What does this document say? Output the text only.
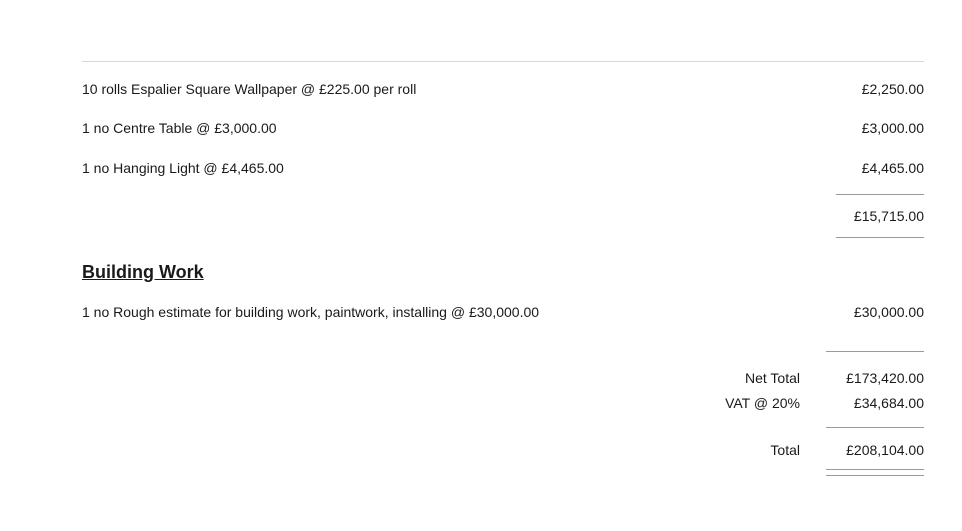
10 rolls Espalier Square Wallpaper @ £225.00 per roll	£2,250.00
1 no Centre Table @ £3,000.00	£3,000.00
1 no Hanging Light @ £4,465.00	£4,465.00
£15,715.00
Building Work
1 no Rough estimate for building work, paintwork, installing @ £30,000.00	£30,000.00
Net Total	£173,420.00
VAT @ 20%	£34,684.00
Total	£208,104.00
